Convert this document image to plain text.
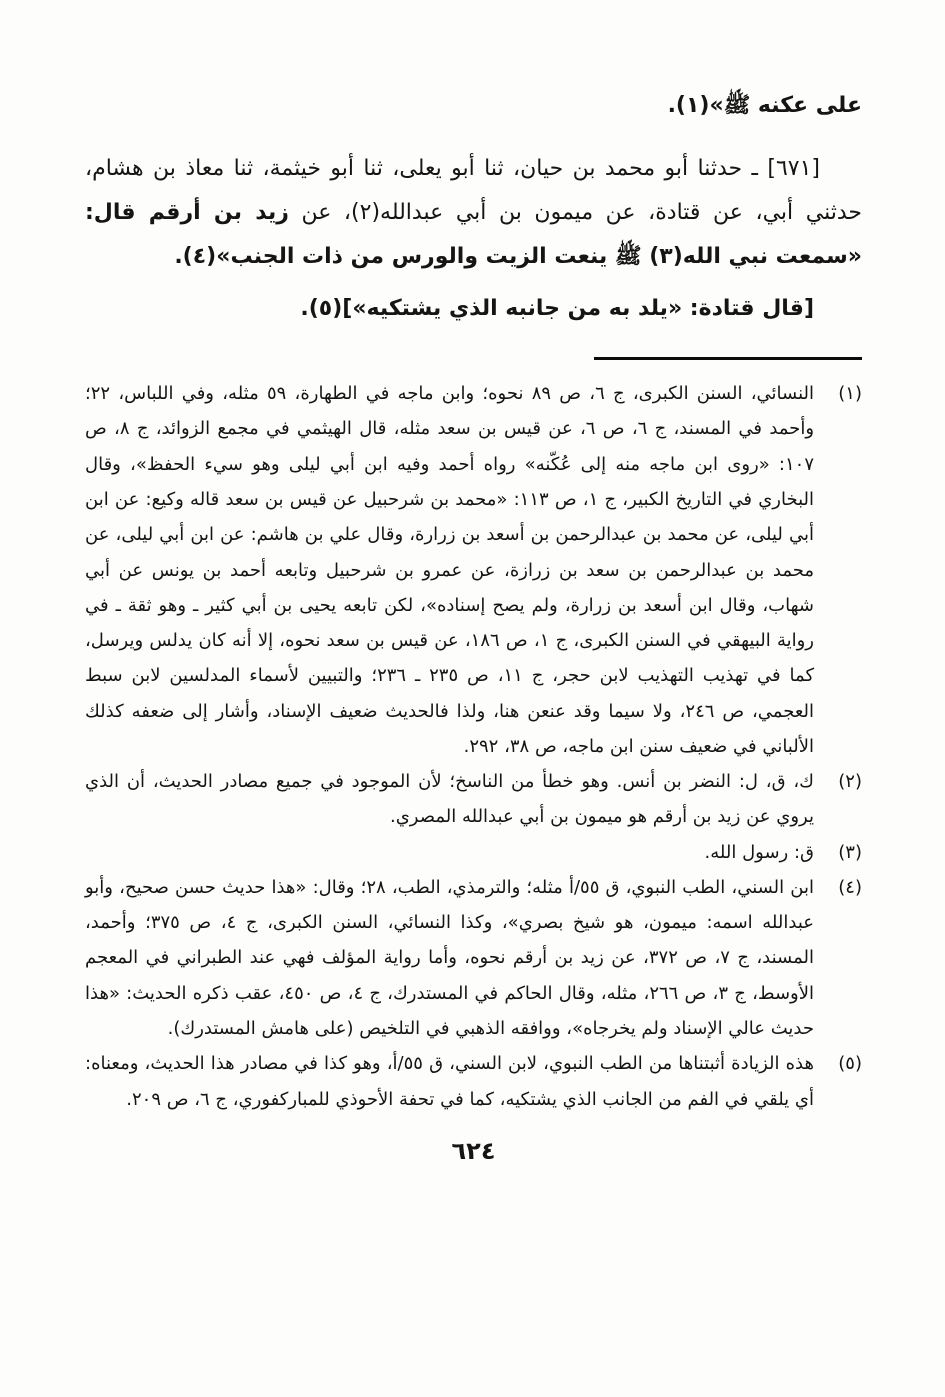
على عكنه ﷺ»(١).

[٦٧١] ـ حدثنا أبو محمد بن حيان، ثنا أبو يعلى، ثنا أبو خيثمة، ثنا معاذ بن هشام، حدثني أبي، عن قتادة، عن ميمون بن أبي عبدالله(٢)، عن زيد بن أرقم قال: «سمعت نبي الله(٣) ﷺ ينعت الزيت والورس من ذات الجنب»(٤).

[قال قتادة: «يلد به من جانبه الذي يشتكيه»](٥).

(١)
النسائي، السنن الكبرى، ج ٦، ص ٨٩ نحوه؛ وابن ماجه في الطهارة، ٥٩ مثله، وفي اللباس، ٢٢؛ وأحمد في المسند، ج ٦، ص ٦، عن قيس بن سعد مثله، قال الهيثمي في مجمع الزوائد، ج ٨، ص ١٠٧: «روى ابن ماجه منه إلى عُكّنه» رواه أحمد وفيه ابن أبي ليلى وهو سيء الحفظ»، وقال البخاري في التاريخ الكبير، ج ١، ص ١١٣: «محمد بن شرحبيل عن قيس بن سعد قاله وكيع: عن ابن أبي ليلى، عن محمد بن عبدالرحمن بن أسعد بن زرارة، وقال علي بن هاشم: عن ابن أبي ليلى، عن محمد بن عبدالرحمن بن سعد بن زرازة، عن عمرو بن شرحبيل وتابعه أحمد بن يونس عن أبي شهاب، وقال ابن أسعد بن زرارة، ولم يصح إسناده»، لكن تابعه يحيى بن أبي كثير ـ وهو ثقة ـ في رواية البيهقي في السنن الكبرى، ج ١، ص ١٨٦، عن قيس بن سعد نحوه، إلا أنه كان يدلس ويرسل، كما في تهذيب التهذيب لابن حجر، ج ١١، ص ٢٣٥ ـ ٢٣٦؛ والتبيين لأسماء المدلسين لابن سبط العجمي، ص ٢٤٦، ولا سيما وقد عنعن هنا، ولذا فالحديث ضعيف الإسناد، وأشار إلى ضعفه كذلك الألباني في ضعيف سنن ابن ماجه، ص ٣٨، ٢٩٢.
(٢)
ك، ق، ل: النضر بن أنس. وهو خطأ من الناسخ؛ لأن الموجود في جميع مصادر الحديث، أن الذي يروي عن زيد بن أرقم هو ميمون بن أبي عبدالله المصري.
(٣)
ق: رسول الله.
(٤)
ابن السني، الطب النبوي، ق ٥٥/أ مثله؛ والترمذي، الطب، ٢٨؛ وقال: «هذا حديث حسن صحيح، وأبو عبدالله اسمه: ميمون، هو شيخ بصري»، وكذا النسائي، السنن الكبرى، ج ٤، ص ٣٧٥؛ وأحمد، المسند، ج ٧، ص ٣٧٢، عن زيد بن أرقم نحوه، وأما رواية المؤلف فهي عند الطبراني في المعجم الأوسط، ج ٣، ص ٢٦٦، مثله، وقال الحاكم في المستدرك، ج ٤، ص ٤٥٠، عقب ذكره الحديث: «هذا حديث عالي الإسناد ولم يخرجاه»، ووافقه الذهبي في التلخيص (على هامش المستدرك).
(٥)
هذه الزيادة أثبتناها من الطب النبوي، لابن السني، ق ٥٥/أ، وهو كذا في مصادر هذا الحديث، ومعناه: أي يلقي في الفم من الجانب الذي يشتكيه، كما في تحفة الأحوذي للمباركفوري، ج ٦، ص ٢٠٩.
٦٢٤
